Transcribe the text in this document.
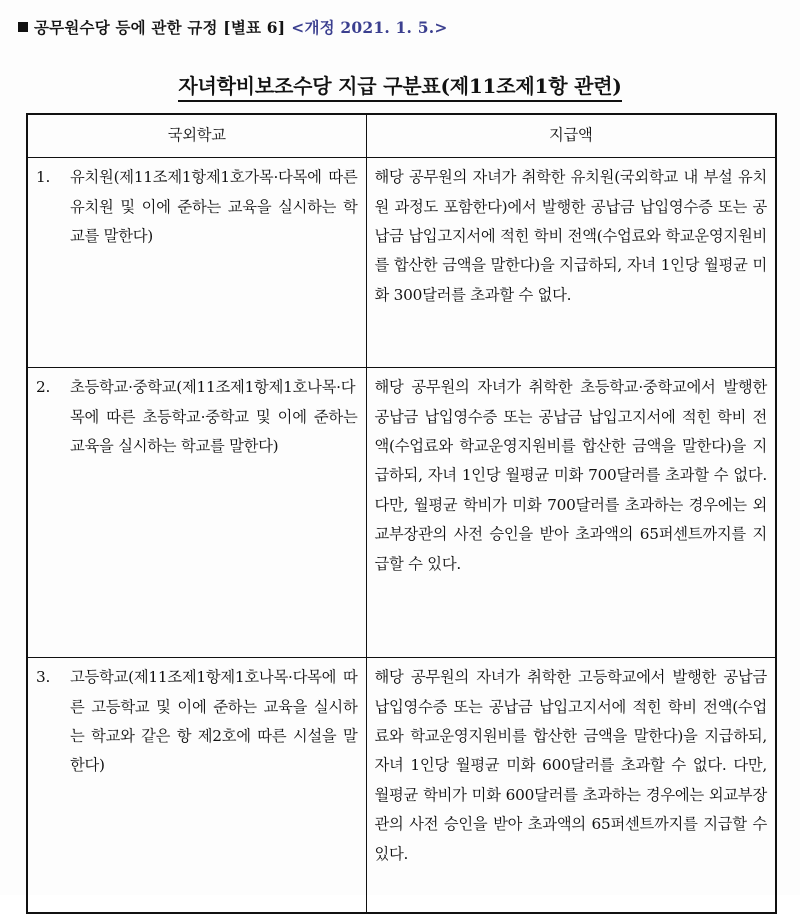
공무원수당 등에 관한 규정 [별표 6] <개정 2021. 1. 5.>
자녀학비보조수당 지급 구분표(제11조제1항 관련)
국외학교	지급액

1. 유치원(제11조제1항제1호가목·다목에 따른 유치원 및 이에 준하는 교육을 실시하는 학교를 말한다)	해당 공무원의 자녀가 취학한 유치원(국외학교 내 부설 유치원 과정도 포함한다)에서 발행한 공납금 납입영수증 또는 공납금 납입고지서에 적힌 학비 전액(수업료와 학교운영지원비를 합산한 금액을 말한다)을 지급하되, 자녀 1인당 월평균 미화 300달러를 초과할 수 없다.

2. 초등학교·중학교(제11조제1항제1호나목·다목에 따른 초등학교·중학교 및 이에 준하는 교육을 실시하는 학교를 말한다)	해당 공무원의 자녀가 취학한 초등학교·중학교에서 발행한 공납금 납입영수증 또는 공납금 납입고지서에 적힌 학비 전액(수업료와 학교운영지원비를 합산한 금액을 말한다)을 지급하되, 자녀 1인당 월평균 미화 700달러를 초과할 수 없다. 다만, 월평균 학비가 미화 700달러를 초과하는 경우에는 외교부장관의 사전 승인을 받아 초과액의 65퍼센트까지를 지급할 수 있다.

3. 고등학교(제11조제1항제1호나목·다목에 따른 고등학교 및 이에 준하는 교육을 실시하는 학교와 같은 항 제2호에 따른 시설을 말한다)	해당 공무원의 자녀가 취학한 고등학교에서 발행한 공납금 납입영수증 또는 공납금 납입고지서에 적힌 학비 전액(수업료와 학교운영지원비를 합산한 금액을 말한다)을 지급하되, 자녀 1인당 월평균 미화 600달러를 초과할 수 없다. 다만, 월평균 학비가 미화 600달러를 초과하는 경우에는 외교부장관의 사전 승인을 받아 초과액의 65퍼센트까지를 지급할 수 있다.
